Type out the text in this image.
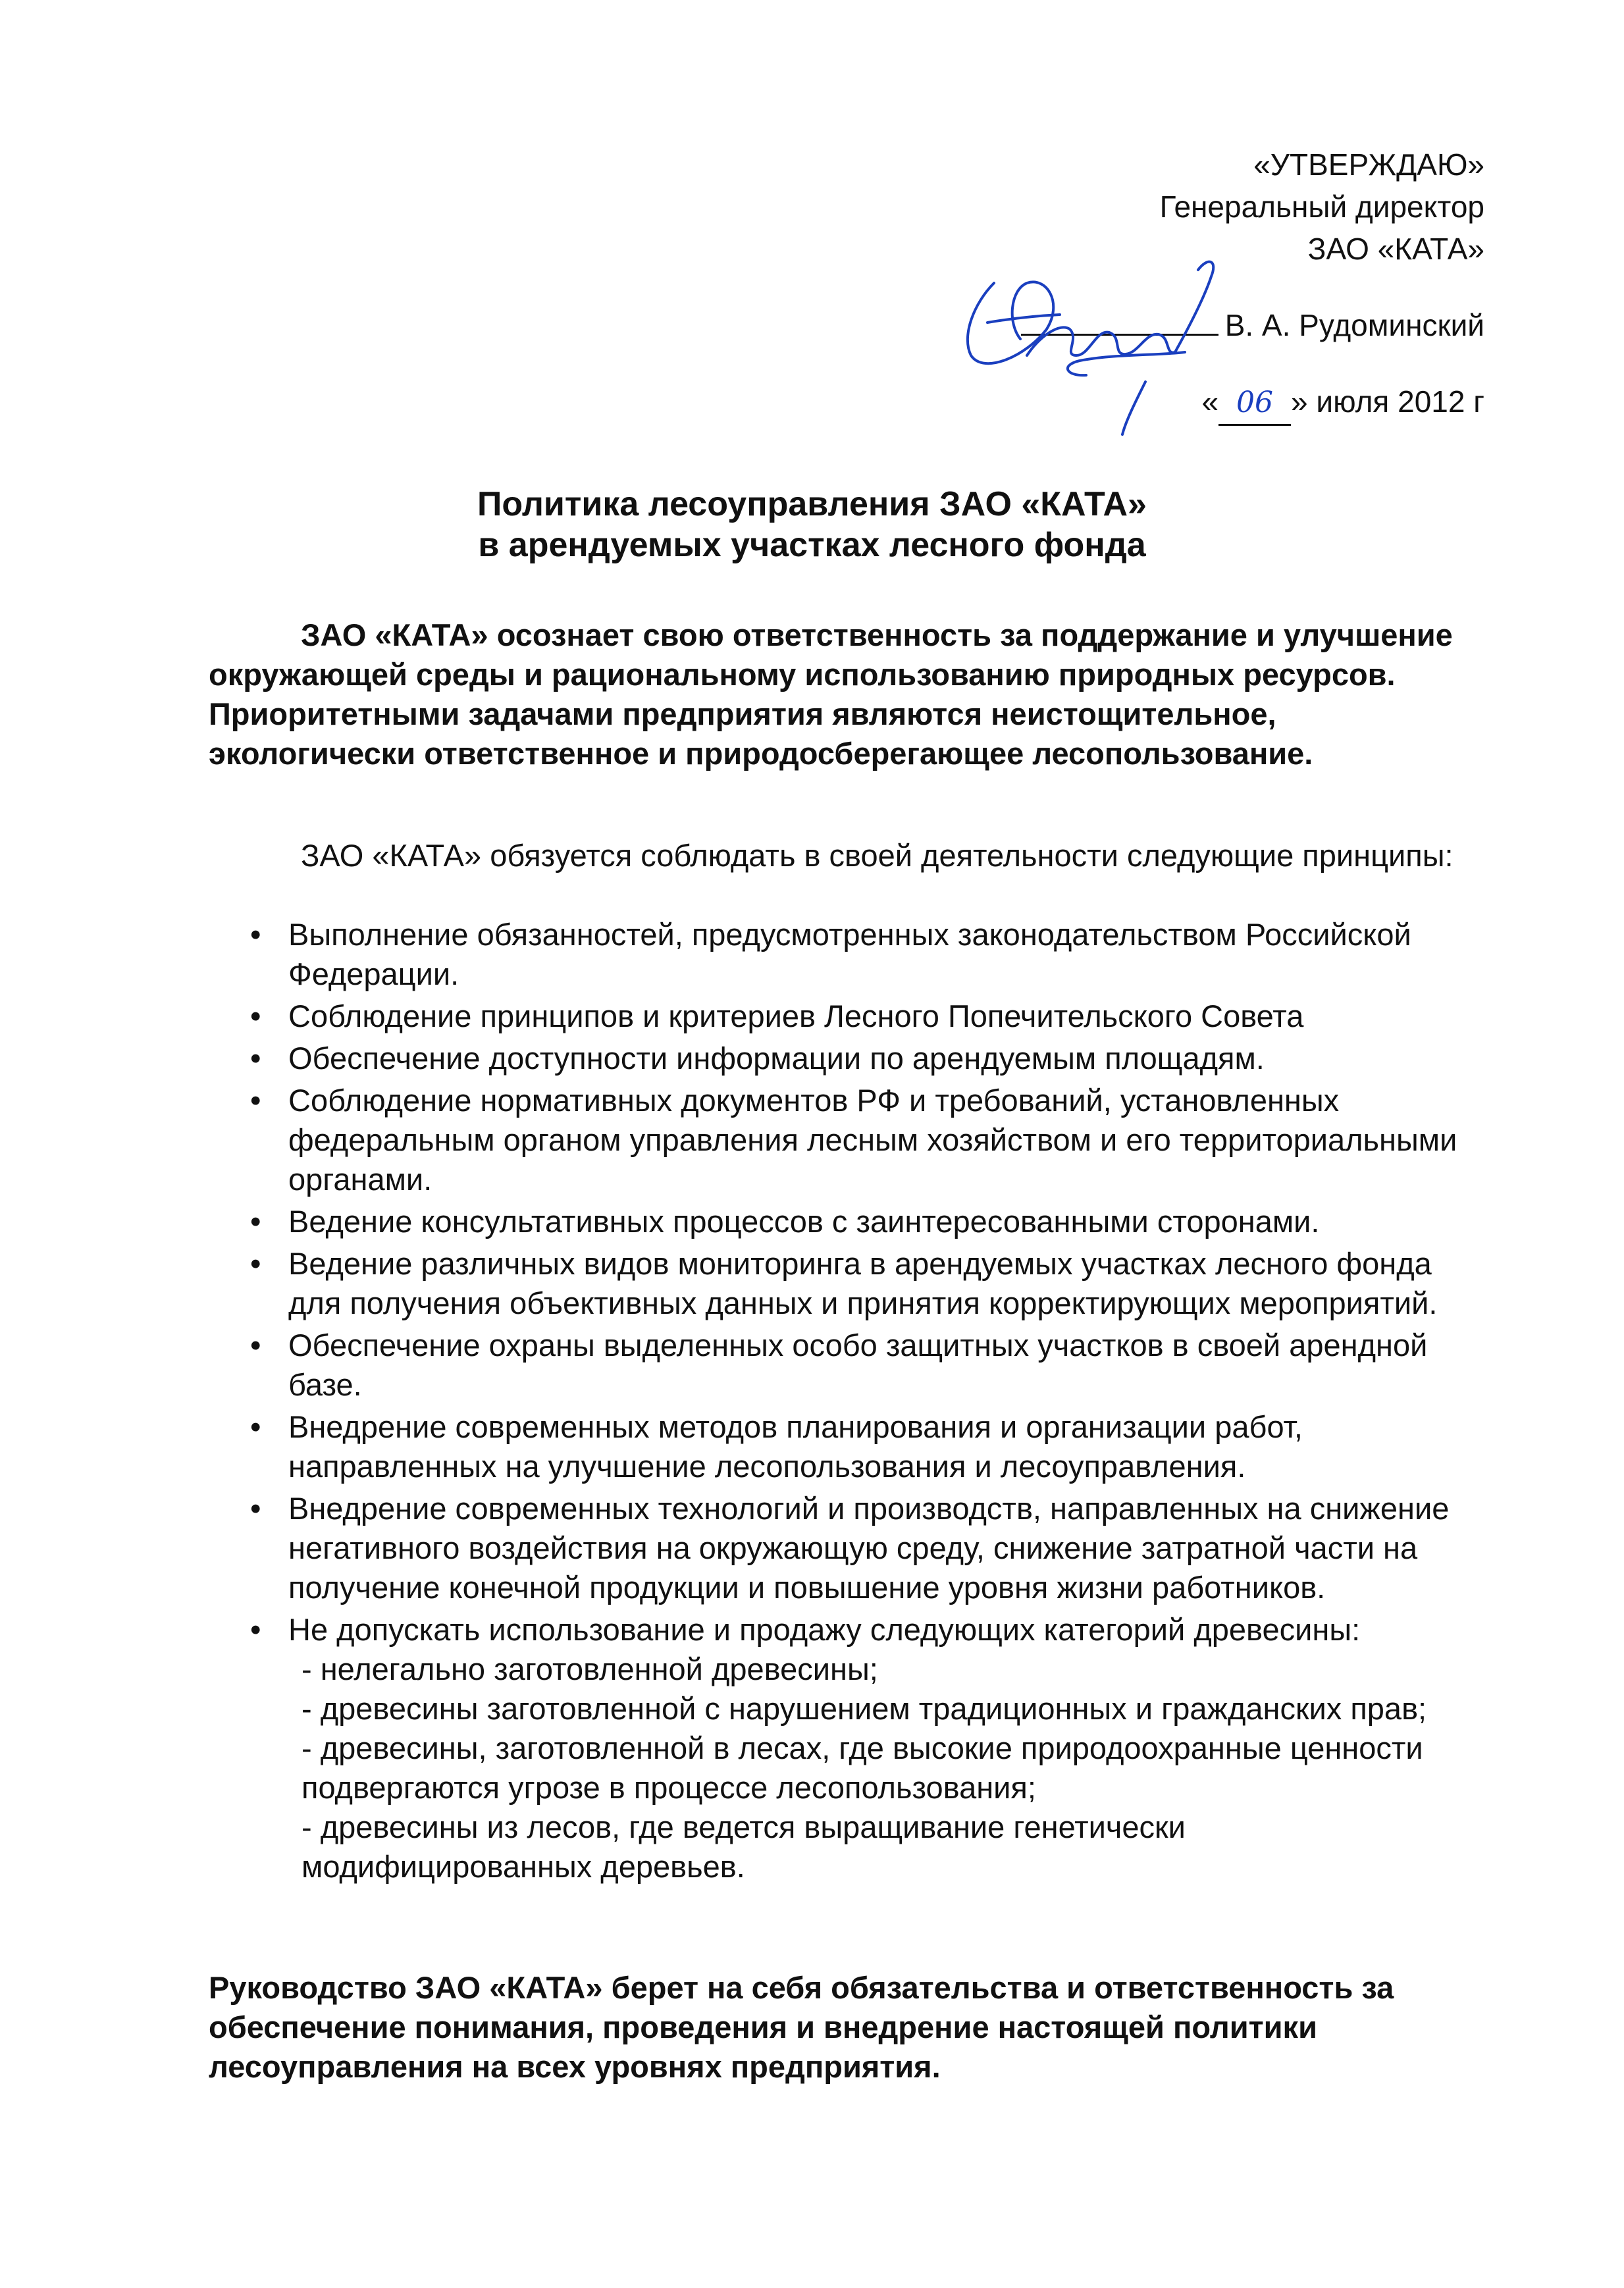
«УТВЕРЖДАЮ»
Генеральный директор
ЗАО «КАТА»
В. А. Рудоминский
« 06 » июля 2012 г
Политика лесоуправления ЗАО «КАТА»
в арендуемых участках лесного фонда
ЗАО «КАТА» осознает свою ответственность за поддержание и улучшение окружающей среды и рациональному использованию природных ресурсов. Приоритетными задачами предприятия являются неистощительное, экологически ответственное и природосберегающее лесопользование.
ЗАО «КАТА» обязуется соблюдать в своей деятельности следующие принципы:
• Выполнение обязанностей, предусмотренных законодательством Российской Федерации.
• Соблюдение принципов и критериев Лесного Попечительского Совета
• Обеспечение доступности информации по арендуемым площадям.
• Соблюдение нормативных документов РФ и требований, установленных федеральным органом управления лесным хозяйством и его территориальными органами.
• Ведение консультативных процессов с заинтересованными сторонами.
• Ведение различных видов мониторинга в арендуемых участках лесного фонда для получения объективных данных и принятия корректирующих мероприятий.
• Обеспечение охраны выделенных особо защитных участков в своей арендной базе.
• Внедрение современных методов планирования и организации работ, направленных на улучшение лесопользования и лесоуправления.
• Внедрение современных технологий и производств, направленных на снижение негативного воздействия на окружающую среду, снижение затратной части на получение конечной продукции и повышение уровня жизни работников.
• Не допускать использование и продажу следующих категорий древесины:
- нелегально заготовленной древесины;
- древесины заготовленной с нарушением традиционных и гражданских прав;
- древесины, заготовленной в лесах, где высокие природоохранные ценности           подвергаются угрозе в процессе лесопользования;
- древесины из лесов, где ведется выращивание генетически модифицированных деревьев.
Руководство ЗАО «КАТА» берет на себя обязательства и ответственность за обеспечение понимания, проведения и внедрение настоящей политики лесоуправления на всех уровнях предприятия.
